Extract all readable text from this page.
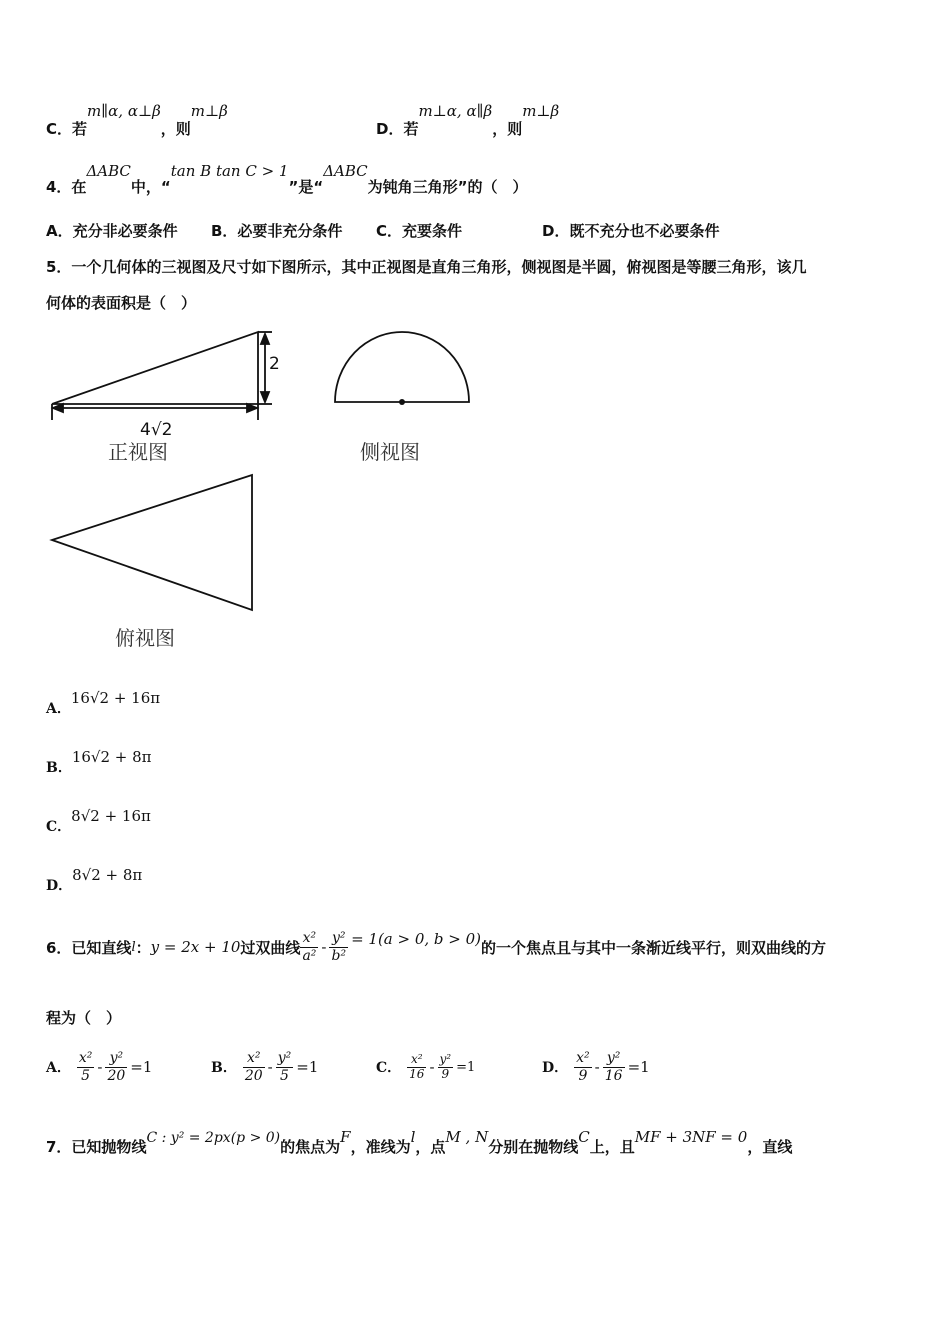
C．若m∥α, α⊥β，则m⊥β
D．若m⊥α, α∥β，则m⊥β
4．在ΔABC中，“tan B tan C > 1”是“ΔABC为钝角三角形”的（　）
A．充分非必要条件 B．必要非充分条件 C．充要条件	D．既不充分也不必要条件
5．一个几何体的三视图及尺寸如下图所示，其中正视图是直角三角形，侧视图是半圆，俯视图是等腰三角形，该几
何体的表面积是（　）
2
4√2
正视图	侧视图
俯视图
A．16√2 + 16π
B．16√2 + 8π
C．8√2 + 16π
D．8√2 + 8π
6．已知直线 l ： y = 2x + 10 过双曲线 $\frac{\text{x²}}{\text{a²}} - \frac{\text{y²}}{\text{b²}} = 1(a > 0$, b > 0) 的一个焦点且与其中一条渐近线平行，则双曲线的方
程为（　）
A． $\frac{\text{x²}}{5} - \frac{\text{y²}}{20} =1$	B． $\frac{\text{x²}}{20} - \frac{\text{y²}}{5} =1$	C． $\frac{\text{x²}}{16} - \frac{\text{y²}}{9} =1$	D． $\frac{\text{x²}}{9} - \frac{\text{y²}}{16} =1$
7．已知抛物线C : y² = 2px(p > 0)的焦点为F，准线为l，点M , N分别在抛物线C上，且MF + 3NF = 0，直线
